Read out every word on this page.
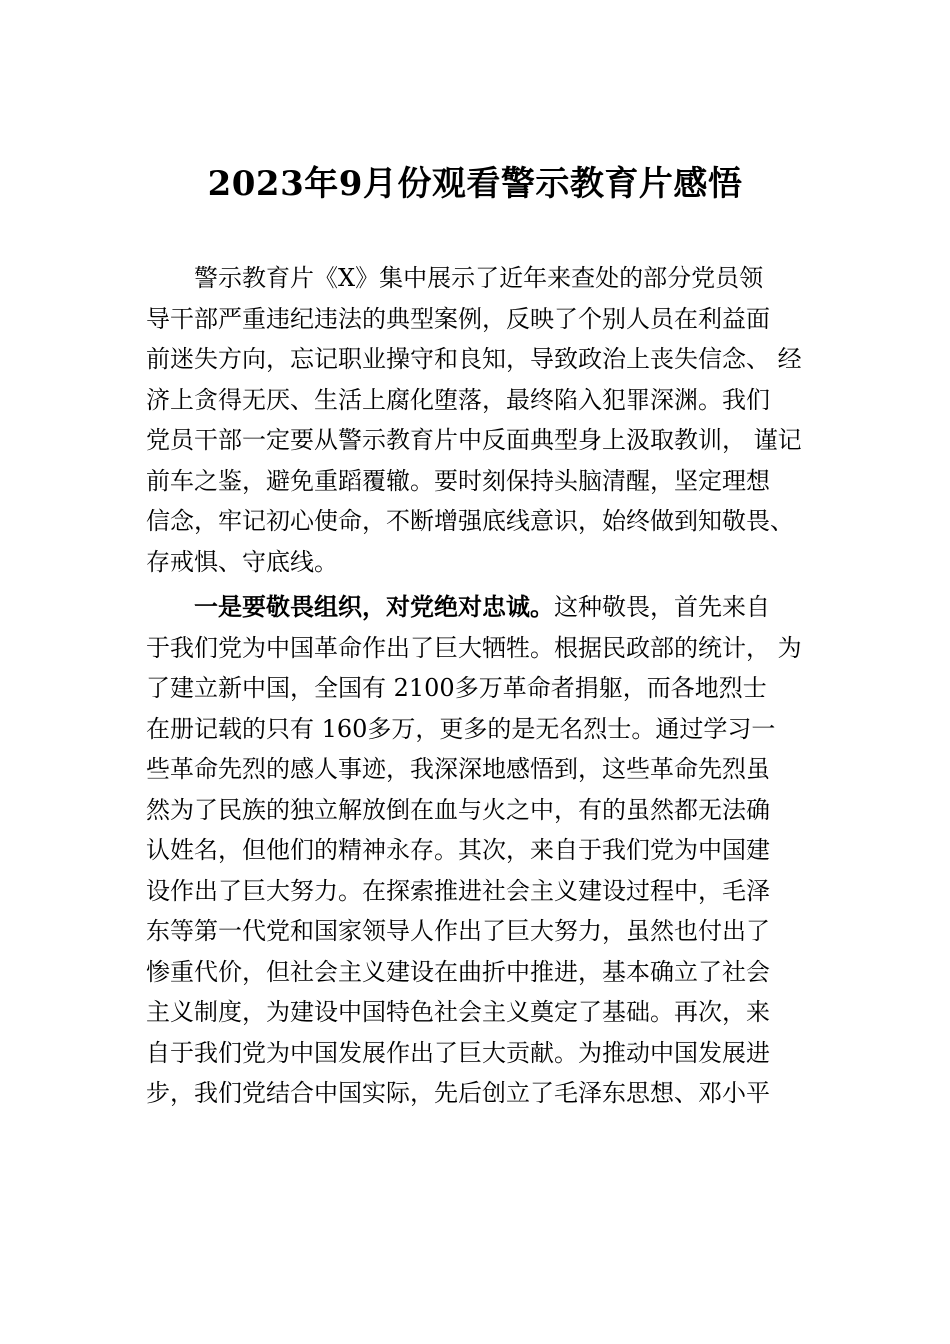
2023年9月份观看警示教育片感悟
警示教育片《X》集中展示了近年来查处的部分党员领
导干部严重违纪违法的典型案例，反映了个别人员在利益面
前迷失方向，忘记职业操守和良知，导致政治上丧失信念、 经
济上贪得无厌、生活上腐化堕落，最终陷入犯罪深渊。我们
党员干部一定要从警示教育片中反面典型身上汲取教训， 谨记
前车之鉴，避免重蹈覆辙。要时刻保持头脑清醒，坚定理想
信念，牢记初心使命，不断增强底线意识，始终做到知敬畏、
存戒惧、守底线。
一是要敬畏组织，对党绝对忠诚。这种敬畏，首先来自
于我们党为中国革命作出了巨大牺牲。根据民政部的统计， 为
了建立新中国，全国有 2100多万革命者捐躯，而各地烈士
在册记载的只有 160多万，更多的是无名烈士。通过学习一
些革命先烈的感人事迹，我深深地感悟到，这些革命先烈虽
然为了民族的独立解放倒在血与火之中，有的虽然都无法确
认姓名，但他们的精神永存。其次，来自于我们党为中国建
设作出了巨大努力。在探索推进社会主义建设过程中，毛泽
东等第一代党和国家领导人作出了巨大努力，虽然也付出了
惨重代价，但社会主义建设在曲折中推进，基本确立了社会
主义制度，为建设中国特色社会主义奠定了基础。再次，来
自于我们党为中国发展作出了巨大贡献。为推动中国发展进
步，我们党结合中国实际，先后创立了毛泽东思想、邓小平
